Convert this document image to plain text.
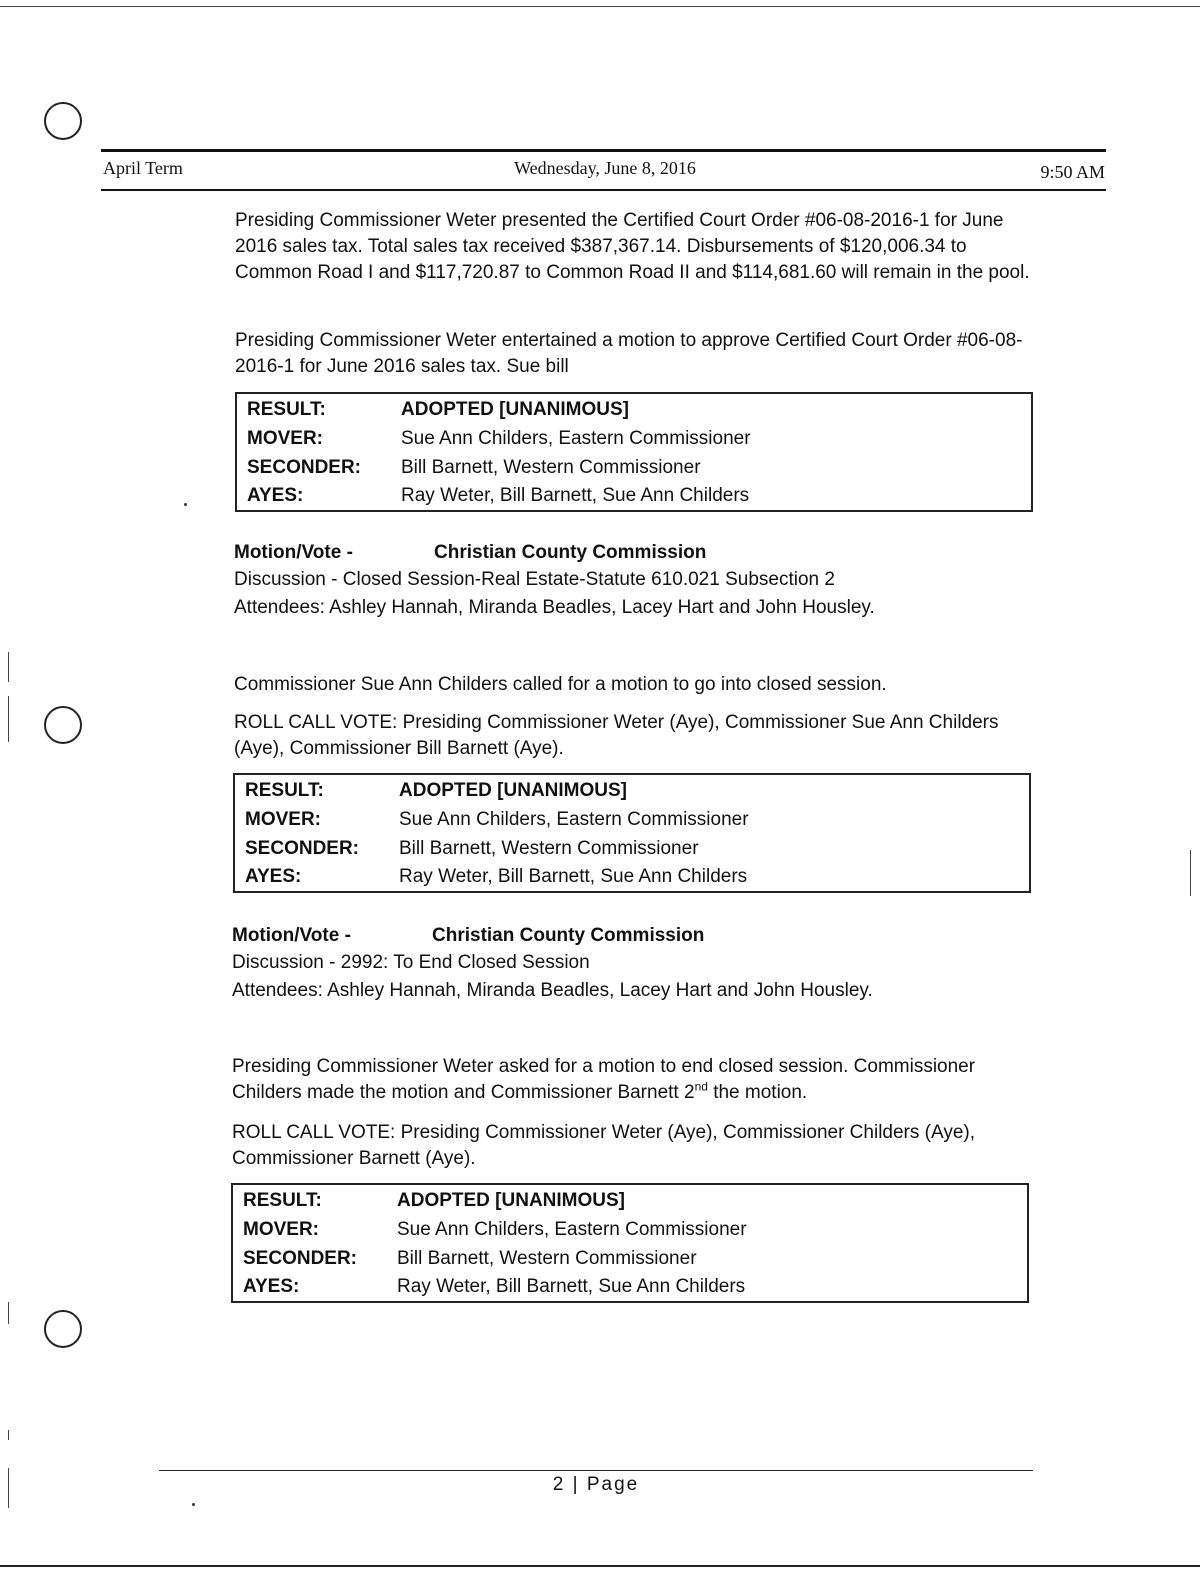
April Term	Wednesday, June 8, 2016	9:50 AM

Presiding Commissioner Weter presented the Certified Court Order #06-08-2016-1 for June 2016 sales tax. Total sales tax received $387,367.14. Disbursements of $120,006.34 to Common Road I and $117,720.87 to Common Road II and $114,681.60 will remain in the pool.

Presiding Commissioner Weter entertained a motion to approve Certified Court Order #06-08-2016-1 for June 2016 sales tax. Sue bill

RESULT:	ADOPTED [UNANIMOUS]
MOVER:	Sue Ann Childers, Eastern Commissioner
SECONDER: Bill Barnett, Western Commissioner
AYES:	Ray Weter, Bill Barnett, Sue Ann Childers
Motion/Vote -	Christian County Commission

Discussion - Closed Session-Real Estate-Statute 610.021 Subsection 2

Attendees: Ashley Hannah, Miranda Beadles, Lacey Hart and John Housley.

Commissioner Sue Ann Childers called for a motion to go into closed session.

ROLL CALL VOTE: Presiding Commissioner Weter (Aye), Commissioner Sue Ann Childers (Aye), Commissioner Bill Barnett (Aye).

RESULT:	ADOPTED [UNANIMOUS]
MOVER:	Sue Ann Childers, Eastern Commissioner
SECONDER: Bill Barnett, Western Commissioner
AYES:	Ray Weter, Bill Barnett, Sue Ann Childers
Motion/Vote -	Christian County Commission

Discussion - 2992: To End Closed Session

Attendees: Ashley Hannah, Miranda Beadles, Lacey Hart and John Housley.

Presiding Commissioner Weter asked for a motion to end closed session. Commissioner Childers made the motion and Commissioner Barnett 2nd the motion.

ROLL CALL VOTE: Presiding Commissioner Weter (Aye), Commissioner Childers (Aye), Commissioner Barnett (Aye).

RESULT:	ADOPTED [UNANIMOUS]
MOVER:	Sue Ann Childers, Eastern Commissioner
SECONDER: Bill Barnett, Western Commissioner
AYES:	Ray Weter, Bill Barnett, Sue Ann Childers
2 | Page
